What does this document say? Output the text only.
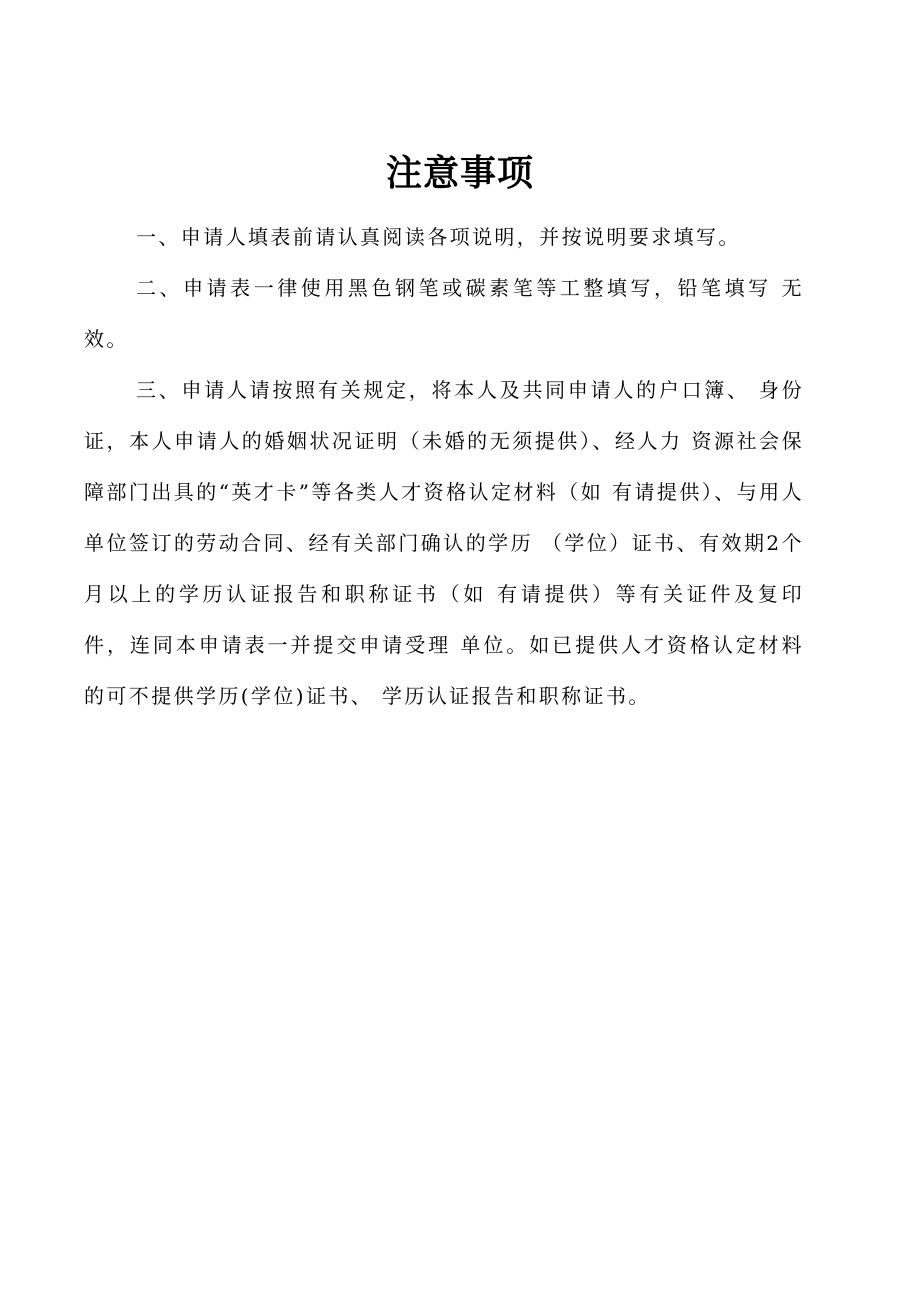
注意事项

一、申请人填表前请认真阅读各项说明，并按说明要求填写。

二、申请表一律使用黑色钢笔或碳素笔等工整填写，铅笔填写 无效。

三、申请人请按照有关规定，将本人及共同申请人的户口簿、 身份证，本人申请人的婚姻状况证明（未婚的无须提供）、经人力 资源社会保障部门出具的“英才卡”等各类人才资格认定材料（如 有请提供）、与用人单位签订的劳动合同、经有关部门确认的学历 （学位）证书、有效期2个月以上的学历认证报告和职称证书（如 有请提供）等有关证件及复印件，连同本申请表一并提交申请受理 单位。如已提供人才资格认定材料的可不提供学历(学位)证书、 学历认证报告和职称证书。
